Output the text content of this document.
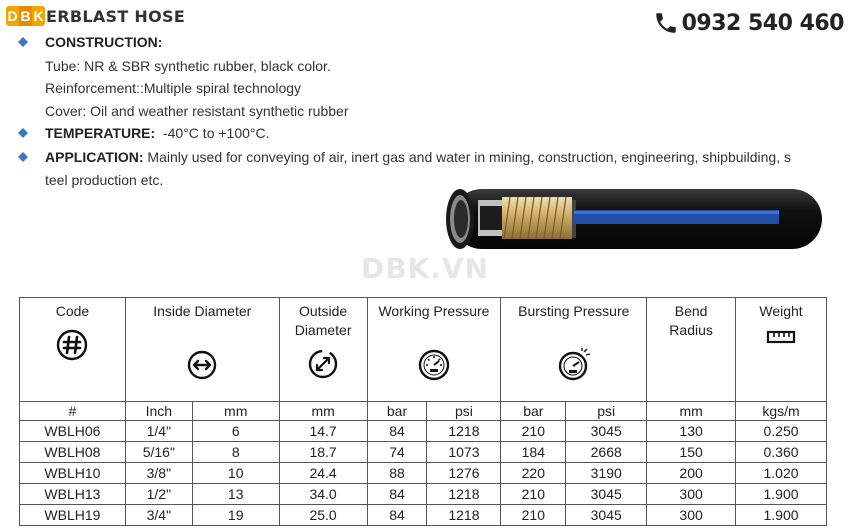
D B K ERBLAST HOSE	0932 540 460
CONSTRUCTION:
Tube: NR & SBR synthetic rubber, black color.
Reinforcement::Multiple spiral technology
Cover: Oil and weather resistant synthetic rubber
TEMPERATURE: -40°C to +100°C.
APPLICATION: Mainly used for conveying of air, inert gas and water in mining, construction, engineering, shipbuilding, s
teel production etc.
DBK.VN
Code	Inside Diameter		Outside
Diameter	Working Pressure		Bursting Pressure		Bend
Radius	Weight

#	Inch	mm	mm	bar	psi	bar	psi	mm	kgs/m
WBLH06	1/4"	6	14.7	84	1218	210	3045	130	0.250
WBLH08	5/16"	8	18.7	74	1073	184	2668	150	0.360
WBLH10	3/8"	10	24.4	88	1276	220	3190	200	1.020
WBLH13	1/2"	13	34.0	84	1218	210	3045	300	1.900
WBLH19	3/4"	19	25.0	84	1218	210	3045	300	1.900
